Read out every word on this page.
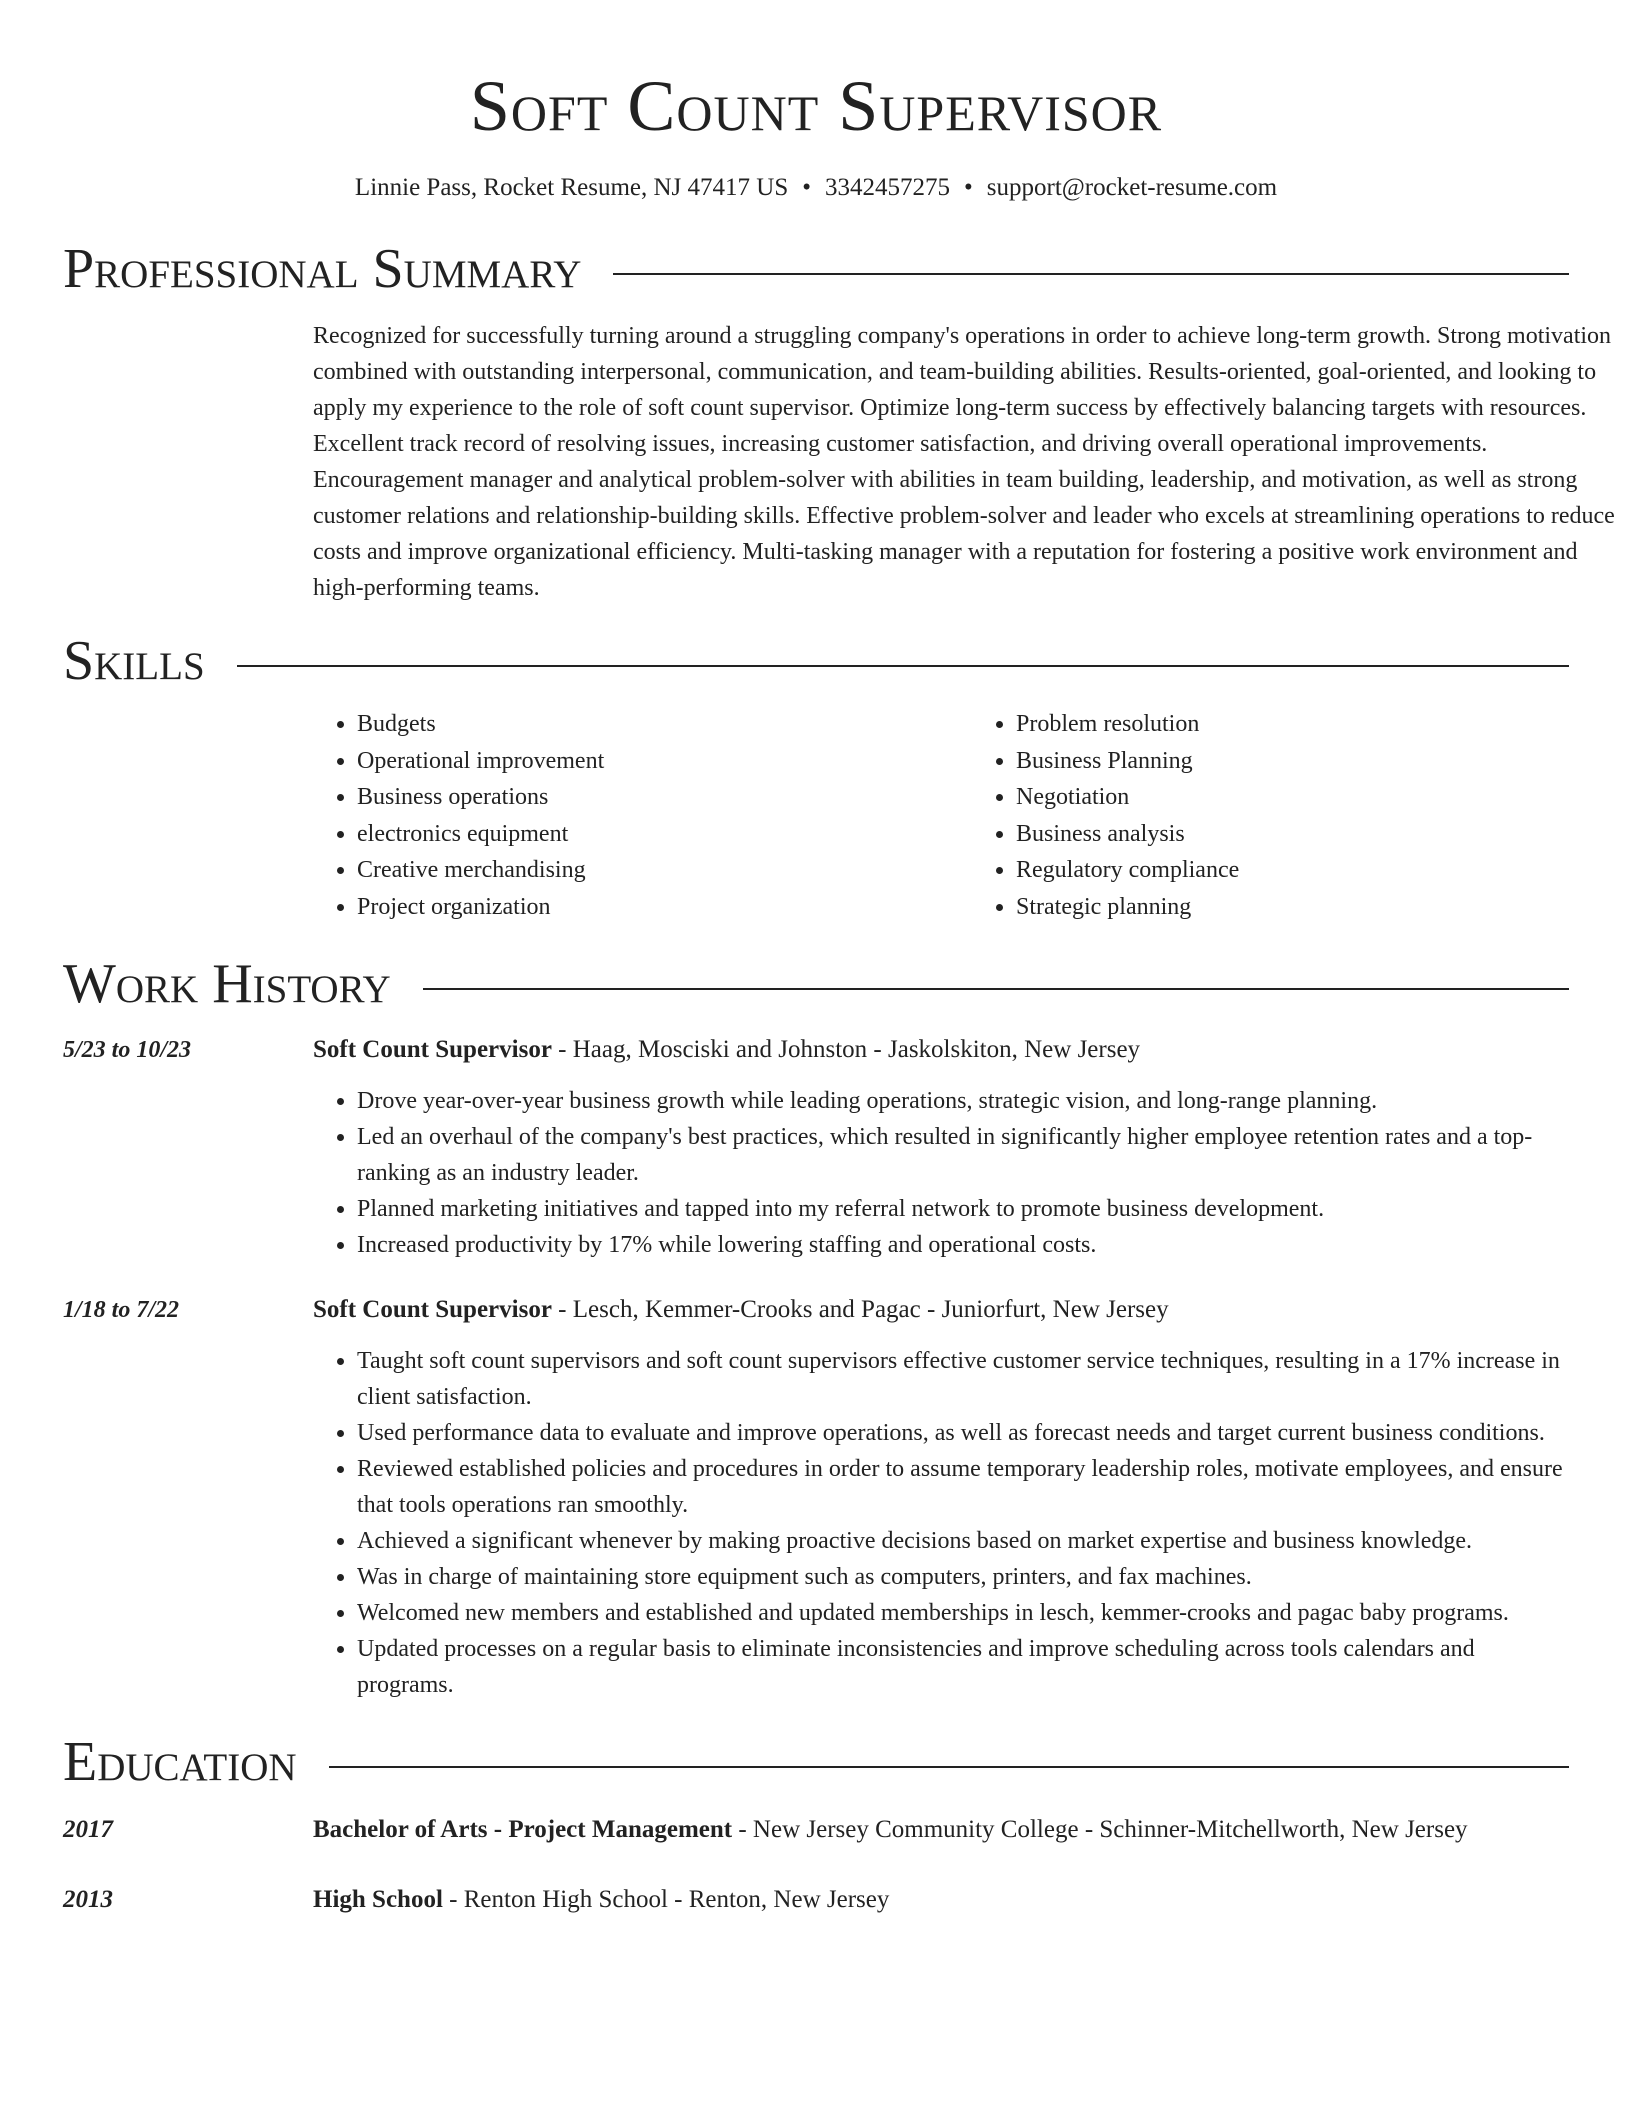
Soft Count Supervisor
Linnie Pass, Rocket Resume, NJ 47417 US • 3342457275 • support@rocket-resume.com
Professional Summary
Recognized for successfully turning around a struggling company's operations in order to achieve long-term growth. Strong motivation combined with outstanding interpersonal, communication, and team-building abilities. Results-oriented, goal-oriented, and looking to apply my experience to the role of soft count supervisor. Optimize long-term success by effectively balancing targets with resources. Excellent track record of resolving issues, increasing customer satisfaction, and driving overall operational improvements. Encouragement manager and analytical problem-solver with abilities in team building, leadership, and motivation, as well as strong customer relations and relationship-building skills. Effective problem-solver and leader who excels at streamlining operations to reduce costs and improve organizational efficiency. Multi-tasking manager with a reputation for fostering a positive work environment and high-performing teams.
Skills
• Budgets
• Operational improvement
• Business operations
• electronics equipment
• Creative merchandising
• Project organization
• Problem resolution
• Business Planning
• Negotiation
• Business analysis
• Regulatory compliance
• Strategic planning
Work History
5/23 to 10/23	Soft Count Supervisor - Haag, Mosciski and Johnston - Jaskolskiton, New Jersey
• Drove year-over-year business growth while leading operations, strategic vision, and long-range planning.
• Led an overhaul of the company's best practices, which resulted in significantly higher employee retention rates and a top-ranking as an industry leader.
• Planned marketing initiatives and tapped into my referral network to promote business development.
• Increased productivity by 17% while lowering staffing and operational costs.
1/18 to 7/22	Soft Count Supervisor - Lesch, Kemmer-Crooks and Pagac - Juniorfurt, New Jersey
• Taught soft count supervisors and soft count supervisors effective customer service techniques, resulting in a 17% increase in client satisfaction.
• Used performance data to evaluate and improve operations, as well as forecast needs and target current business conditions.
• Reviewed established policies and procedures in order to assume temporary leadership roles, motivate employees, and ensure that tools operations ran smoothly.
• Achieved a significant whenever by making proactive decisions based on market expertise and business knowledge.
• Was in charge of maintaining store equipment such as computers, printers, and fax machines.
• Welcomed new members and established and updated memberships in lesch, kemmer-crooks and pagac baby programs.
• Updated processes on a regular basis to eliminate inconsistencies and improve scheduling across tools calendars and programs.
Education
2017	Bachelor of Arts - Project Management - New Jersey Community College - Schinner-Mitchellworth, New Jersey
2013	High School - Renton High School - Renton, New Jersey
